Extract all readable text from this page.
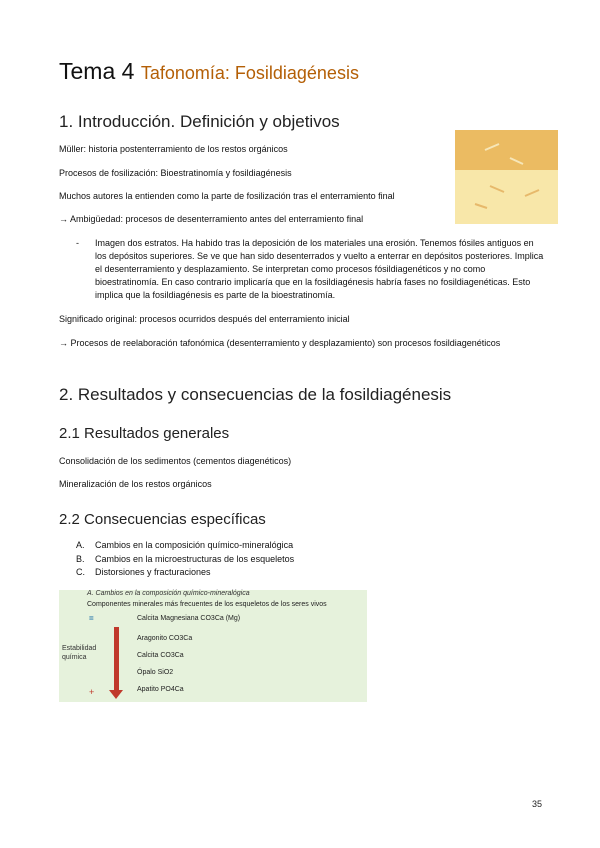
Tema 4 Tafonomía: Fosildiagénesis
1. Introducción. Definición y objetivos

Müller: historia postenterramiento de los restos orgánicos

Procesos de fosilización: Bioestratinomía y fosildiagénesis

Muchos autores la entienden como la parte de fosilización tras el enterramiento final

→ Ambigüedad: procesos de desenterramiento antes del enterramiento final

- Imagen dos estratos. Ha habido tras la deposición de los materiales una erosión. Tenemos fósiles antiguos en los depósitos superiores. Se ve que han sido desenterrados y vuelto a enterrar en depósitos posteriores. Implica el desenterramiento y desplazamiento. Se interpretan como procesos fósildiagenéticos y no como bioestratinomía. En caso contrario implicaría que en la fosildiagénesis habría fases no fosildiagenéticas. Esto implica que la fosildiagénesis es parte de la bioestratinomía.

Significado original: procesos ocurridos después del enterramiento inicial

→ Procesos de reelaboración tafonómica (desenterramiento y desplazamiento) son procesos fosildiagenéticos

2. Resultados y consecuencias de la fosildiagénesis
2.1 Resultados generales

Consolidación de los sedimentos (cementos diagenéticos)

Mineralización de los restos orgánicos

2.2 Consecuencias específicas
A.	Cambios en la composición químico-mineralógica
B.	Cambios en la microestructuras de los esqueletos
C.	Distorsiones y fracturaciones
A. Cambios en la composición químico-mineralógica
Componentes minerales más frecuentes de los esqueletos de los seres vivos
=
Estabilidad
química
+
Calcita Magnesiana CO3Ca (Mg)
Aragonito CO3Ca
Calcita CO3Ca
Ópalo SiO2
Apatito PO4Ca
35
